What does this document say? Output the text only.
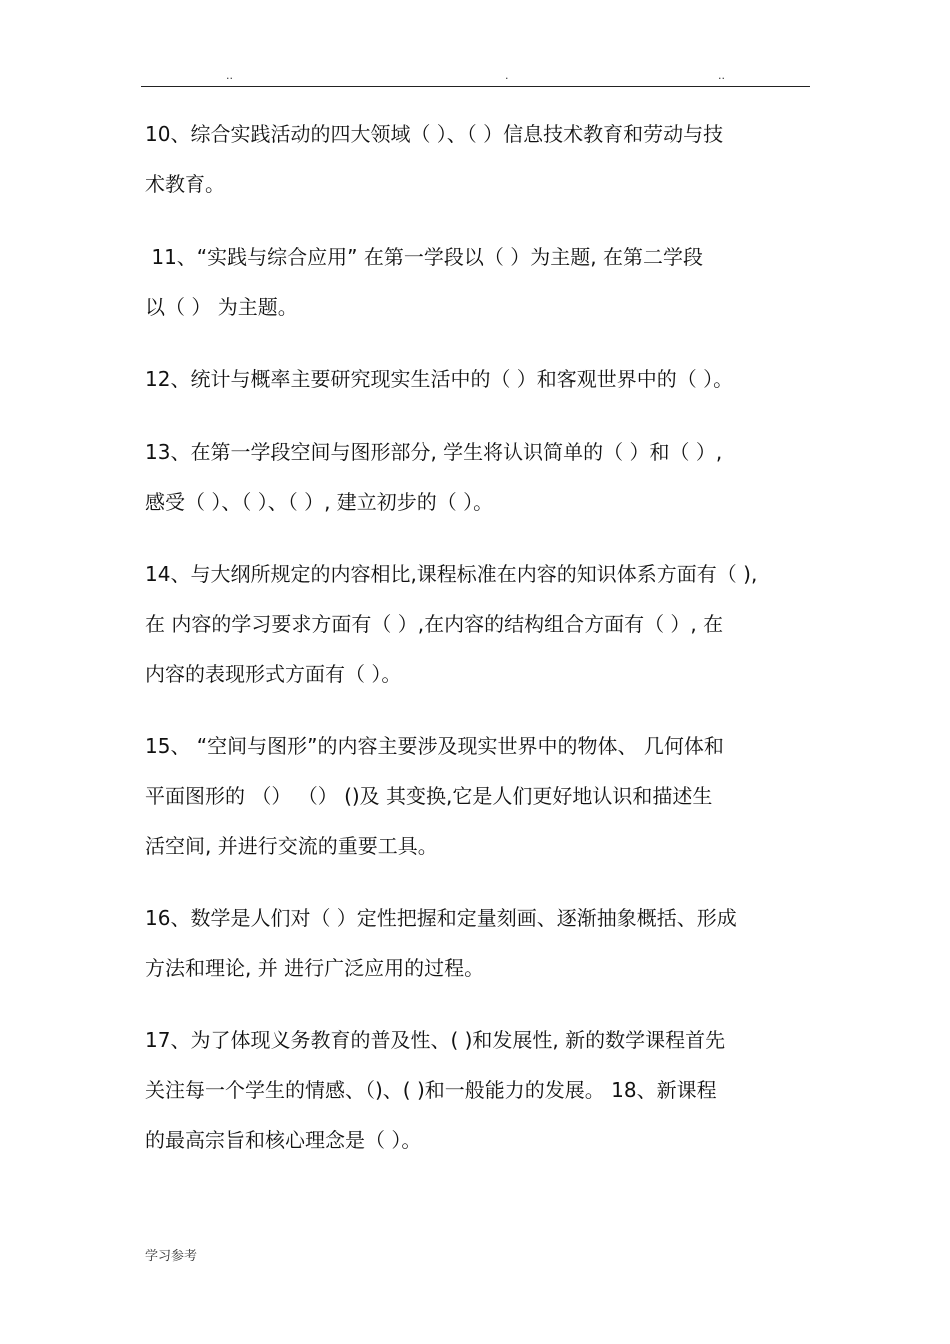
..	.	..
10、综合实践活动的四大领域（ ）、（ ）信息技术教育和劳动与技
术教育。
11、“实践与综合应用” 在第一学段以（ ）为主题, 在第二学段
以（ ） 为主题。
12、统计与概率主要研究现实生活中的（ ）和客观世界中的（ ）。
13、在第一学段空间与图形部分, 学生将认识简单的（ ）和（ ）,
感受（ ）、（ ）、（ ）, 建立初步的（ ）。
14、与大纲所规定的内容相比,课程标准在内容的知识体系方面有（ ),
在 内容的学习要求方面有（ ）,在内容的结构组合方面有（ ）, 在
内容的表现形式方面有（ ）。
15、 “空间与图形”的内容主要涉及现实世界中的物体、 几何体和
平面图形的 （） （） ()及 其变换,它是人们更好地认识和描述生
活空间, 并进行交流的重要工具。
16、数学是人们对（ ）定性把握和定量刻画、逐渐抽象概括、形成
方法和理论, 并 进行广泛应用的过程。
17、为了体现义务教育的普及性、( )和发展性, 新的数学课程首先
关注每一个学生的情感、（)、( )和一般能力的发展。 18、新课程
的最高宗旨和核心理念是（ ）。
学习参考
